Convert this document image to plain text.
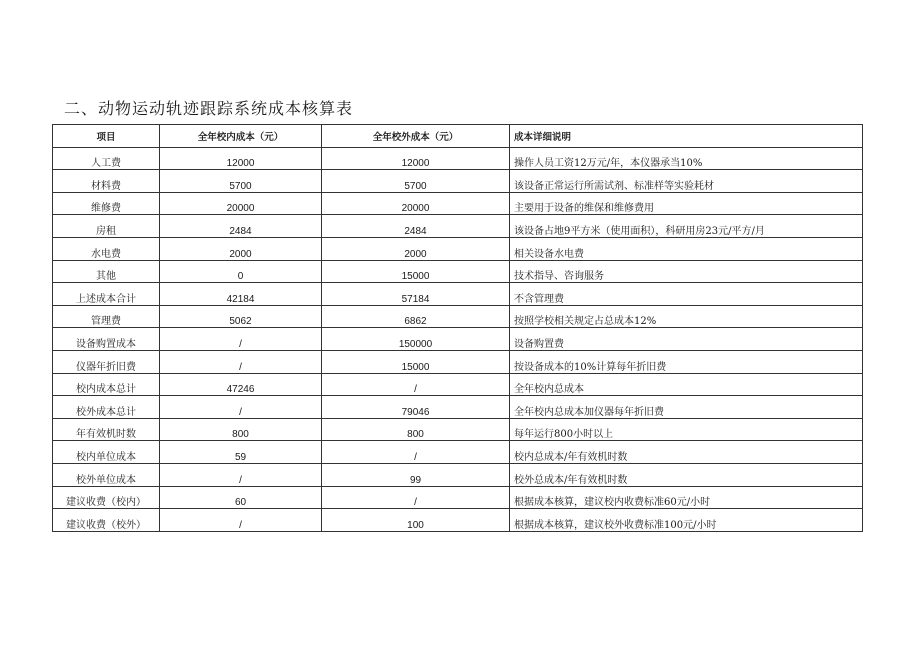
二、动物运动轨迹跟踪系统成本核算表
项目	全年校内成本（元）	全年校外成本（元）	成本详细说明
人工费	12000	12000	操作人员工资12万元/年，本仪器承当10%
材料费	5700	5700	该设备正常运行所需试剂、标准样等实验耗材
维修费	20000	20000	主要用于设备的维保和维修费用
房租	2484	2484	该设备占地9平方米（使用面积），科研用房23元/平方/月
水电费	2000	2000	相关设备水电费
其他	0	15000	技术指导、咨询服务
上述成本合计	42184	57184	不含管理费
管理费	5062	6862	按照学校相关规定占总成本12%
设备购置成本	/	150000	设备购置费
仪器年折旧费	/	15000	按设备成本的10%计算每年折旧费
校内成本总计	47246	/	全年校内总成本
校外成本总计	/	79046	全年校内总成本加仪器每年折旧费
年有效机时数	800	800	每年运行800小时以上
校内单位成本	59	/	校内总成本/年有效机时数
校外单位成本	/	99	校外总成本/年有效机时数
建议收费（校内）	60	/	根据成本核算，建议校内收费标准60元/小时
建议收费（校外）	/	100	根据成本核算，建议校外收费标准100元/小时
